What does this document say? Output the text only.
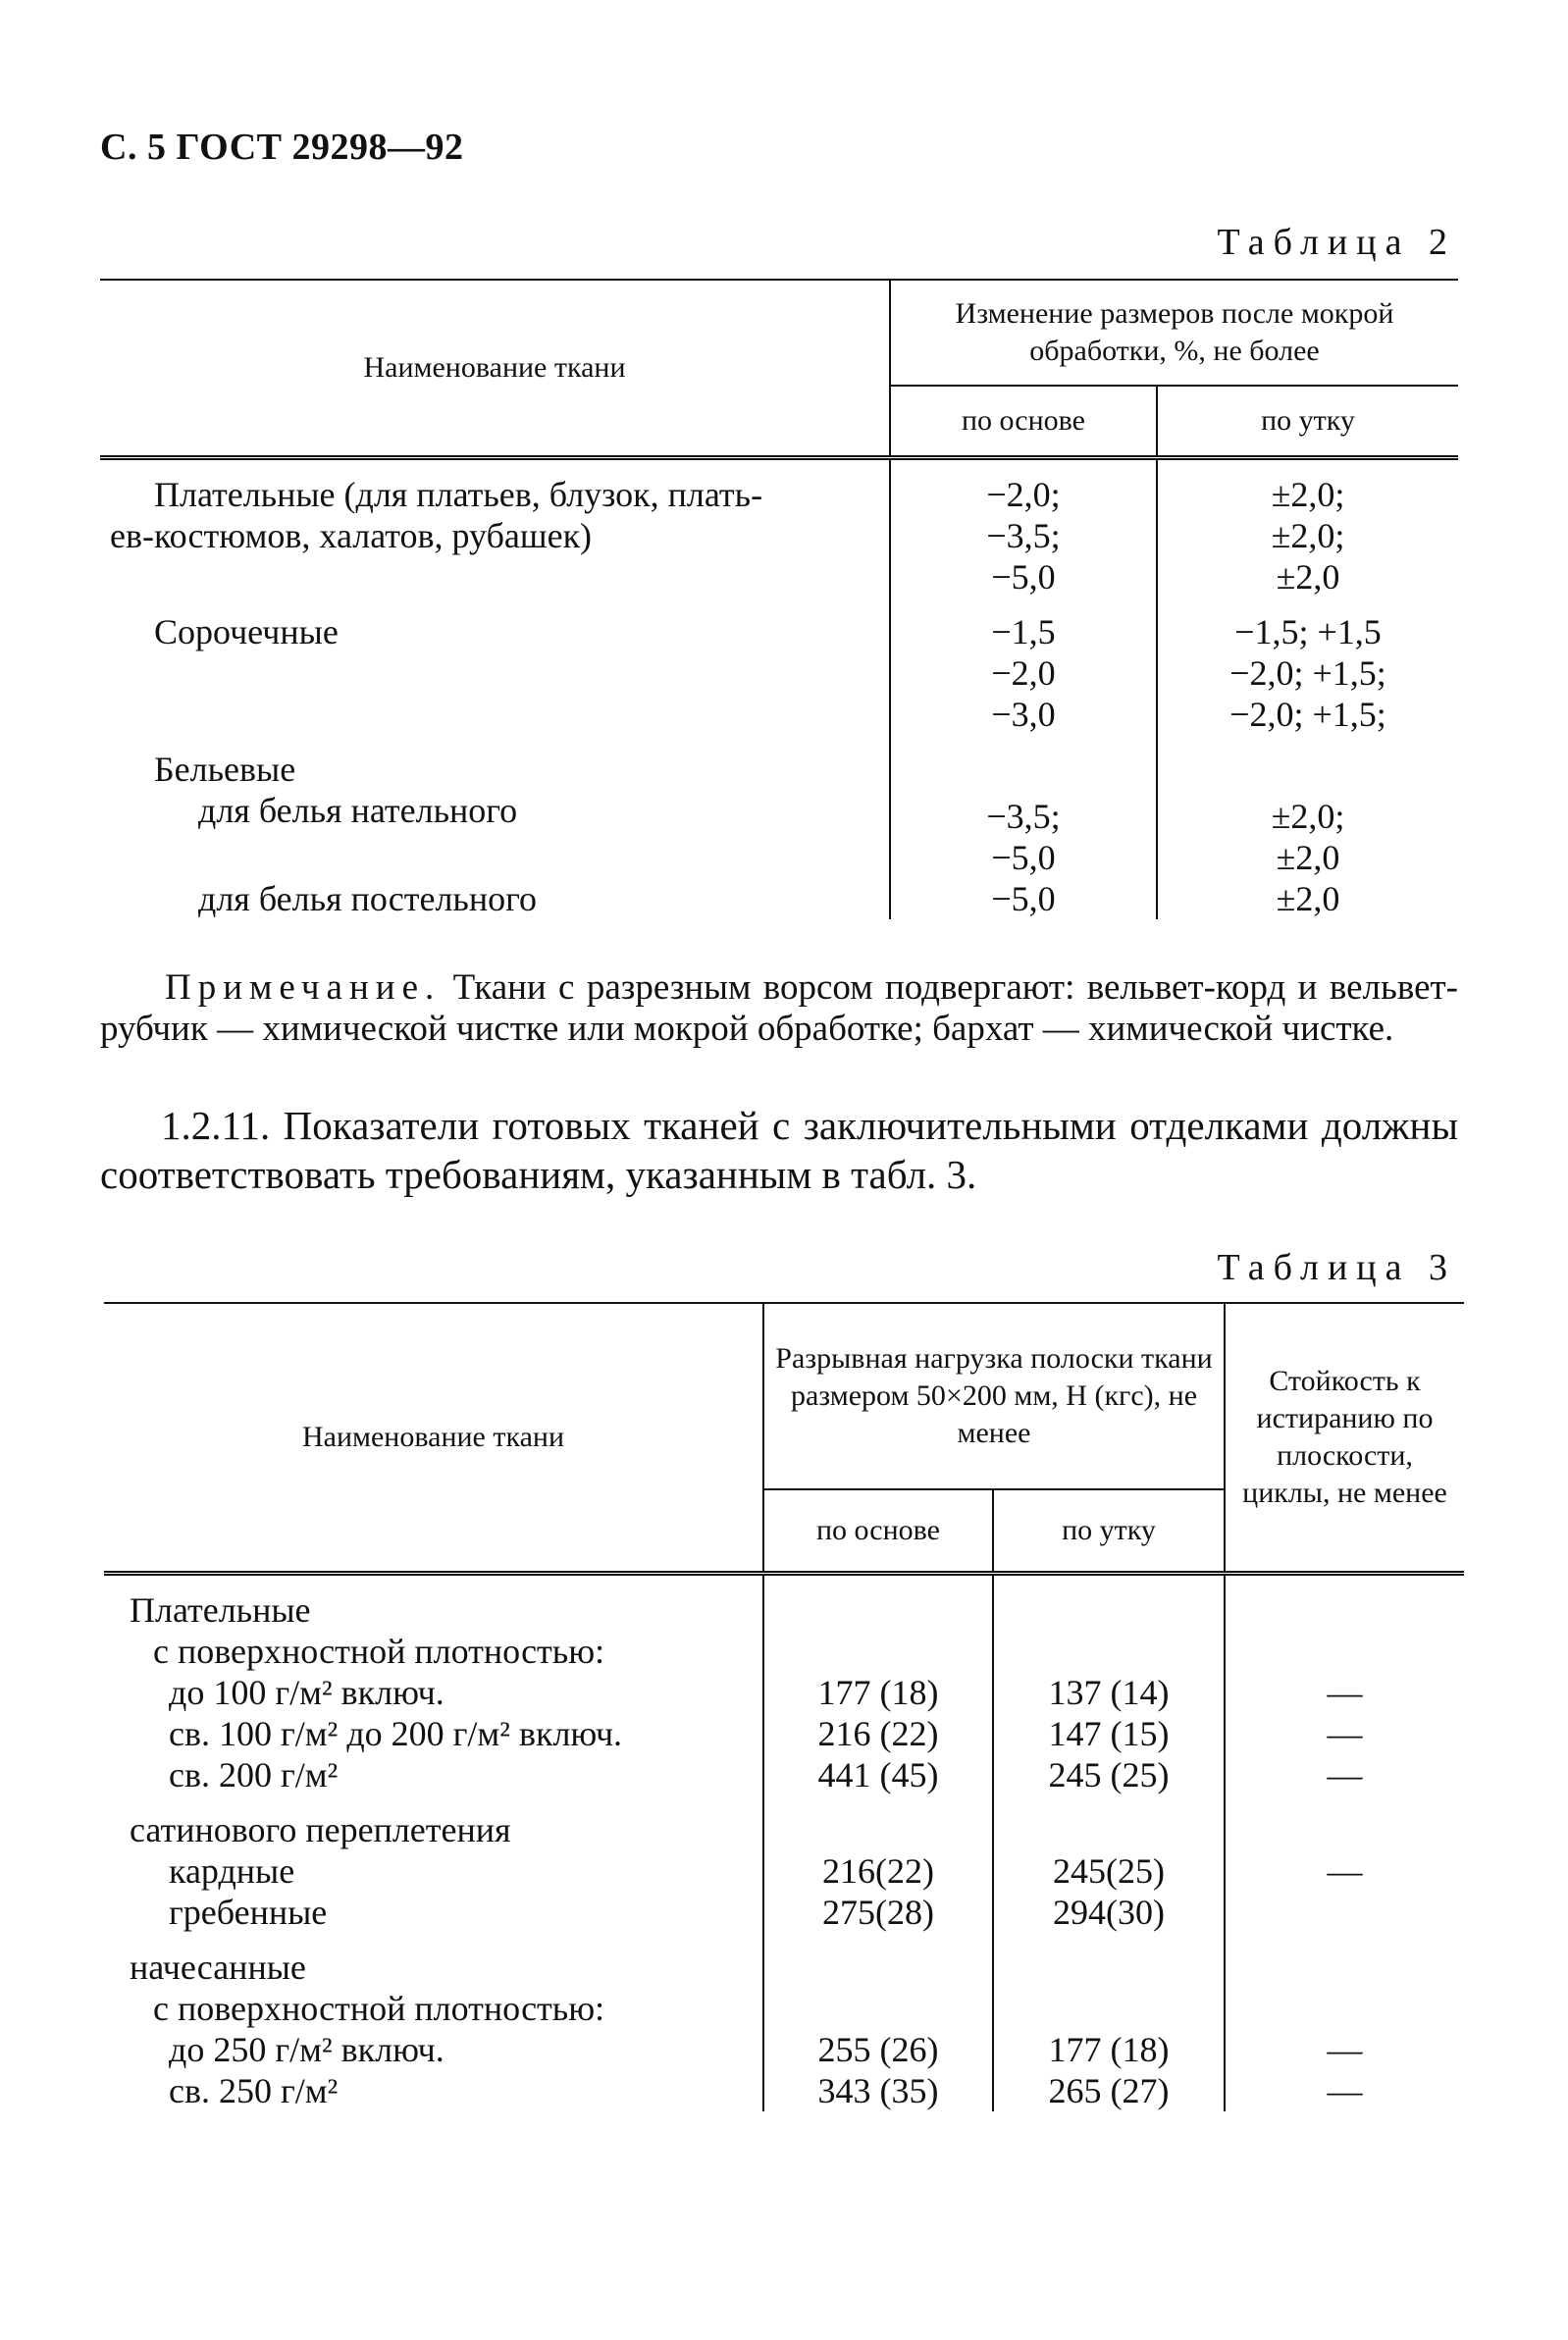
С. 5 ГОСТ 29298—92
Таблица 2
Наименование ткани	Изменение размеров после мокрой обработки, %, не более	
	по основе	по утку
Плательные (для платьев, блузок, плать-	−2,0;	±2,0;
ев-костюмов, халатов, рубашек)	−3,5;	±2,0;
	−5,0	±2,0
Сорочечные	−1,5	−1,5; +1,5
	−2,0	−2,0; +1,5;
	−3,0	−2,0; +1,5;
Бельевые		
для белья нательного	−3,5;	±2,0;
	−5,0	±2,0
для белья постельного	−5,0	±2,0
Примечание. Ткани с разрезным ворсом подвергают: вельвет-корд и вельвет-рубчик — химической чистке или мокрой обработке; бархат — химической чистке.
1.2.11. Показатели готовых тканей с заключительными отделками должны соответствовать требованиям, указанным в табл. 3.
Таблица 3
Наименование ткани	Разрывная нагрузка полоски ткани размером 50×200 мм, Н (кгс), не менее		Стойкость к истиранию по плоскости, циклы, не менее
	по основе	по утку	
Плательные			
с поверхностной плотностью:			
до 100 г/м² включ.	177 (18)	137 (14)	—
св. 100 г/м² до 200 г/м² включ.	216 (22)	147 (15)	—
св. 200 г/м²	441 (45)	245 (25)	—
сатинового переплетения			
кардные	216(22)	245(25)	—
гребенные	275(28)	294(30)	
начесанные			
с поверхностной плотностью:			
до 250 г/м² включ.	255 (26)	177 (18)	—
св. 250 г/м²	343 (35)	265 (27)	—
